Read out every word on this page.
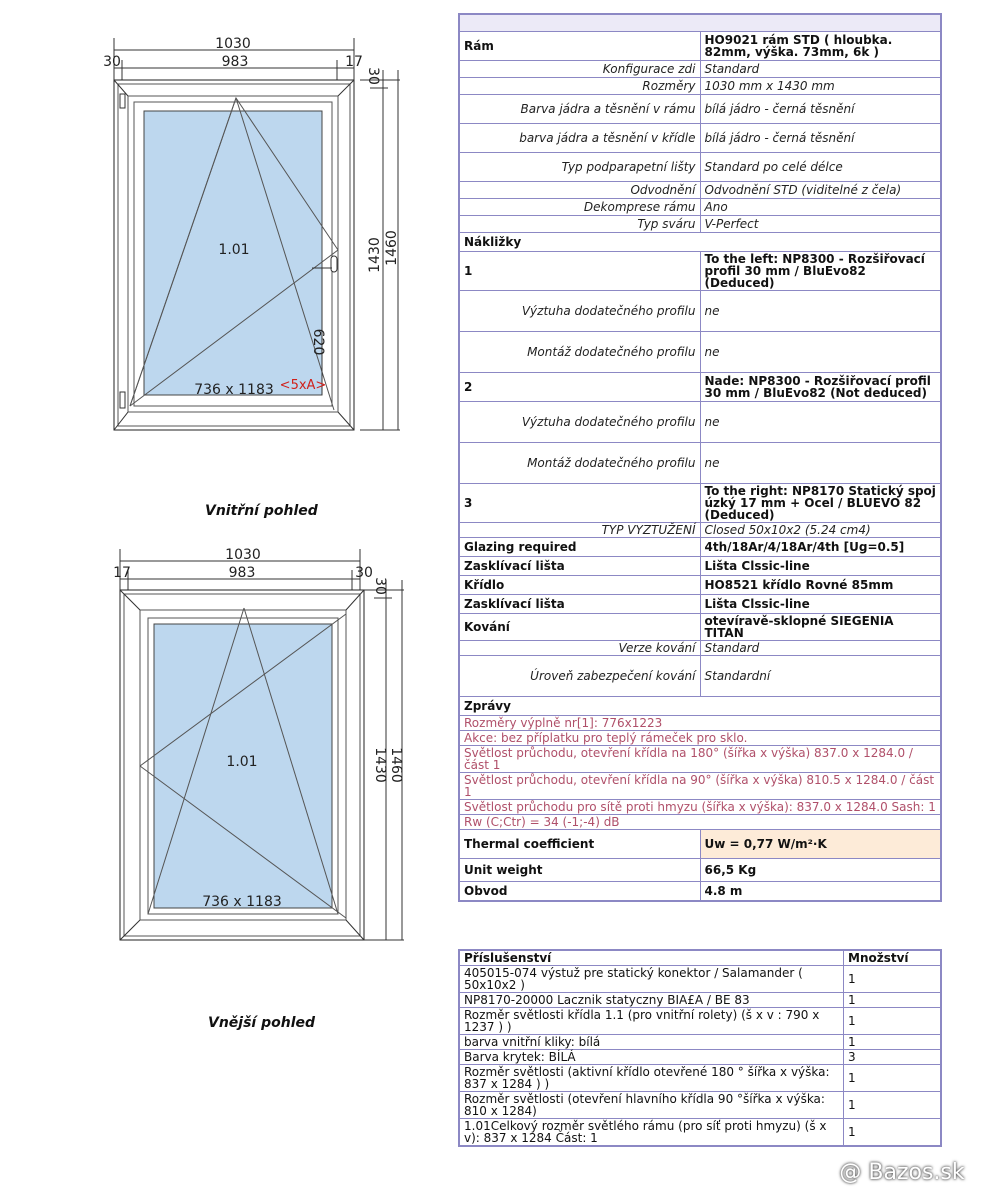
1030
30	983	17
30
1430 1460
620
1.01
736 x 1183 <5xA>
1030
17	983	30
30
1430 1460
1.01
736 x 1183
Vnitřní pohled
Vnější pohled

Rám	HO9021 rám STD ( hloubka. 82mm, výška. 73mm, 6k )
Konfigurace zdi	Standard
Rozměry	1030 mm x 1430 mm
Barva jádra a těsnění v rámu	bílá jádro - černá těsnění
barva jádra a těsnění v křídle	bílá jádro - černá těsnění
Typ podparapetní lišty	Standard po celé délce
Odvodnění	Odvodnění STD (viditelné z čela)
Dekomprese rámu	Ano
Typ sváru	V-Perfect
Nákližky	
1	To the left: NP8300 - Rozšiřovací profil 30 mm / BluEvo82 (Deduced)
Výztuha dodatečného profilu	ne
Montáž dodatečného profilu	ne
2	Nade: NP8300 - Rozšiřovací profil 30 mm / BluEvo82 (Not deduced)
Výztuha dodatečného profilu	ne
Montáž dodatečného profilu	ne
3	To the right: NP8170 Statický spoj úzký 17 mm + Ocel / BLUEVO 82 (Deduced)
TYP VYZTUŽENÍ	Closed 50x10x2 (5.24 cm4)
Glazing required	4th/18Ar/4/18Ar/4th [Ug=0.5]
Zasklívací lišta	Lišta Clssic-line
Křídlo	HO8521 křídlo Rovné 85mm
Zasklívací lišta	Lišta Clssic-line
Kování	otevíravě-sklopné SIEGENIA TITAN
Verze kování	Standard
Úroveň zabezpečení kování	Standardní
Zprávy	
Rozměry výplně nr[1]: 776x1223	
Akce: bez příplatku pro teplý rámeček pro sklo.	
Světlost průchodu, otevření křídla na 180° (šířka x výška) 837.0 x 1284.0 / část 1	
Světlost průchodu, otevření křídla na 90° (šířka x výška) 810.5 x 1284.0 / část 1	
Světlost průchodu pro sítě proti hmyzu (šířka x výška): 837.0 x 1284.0 Sash: 1	
Rw (C;Ctr) = 34 (-1;-4) dB	
Thermal coefficient	Uw = 0,77 W/m²·K
Unit weight	66,5 Kg
Obvod	4.8 m
Příslušenství	Množství
405015-074 výstuž pre statický konektor / Salamander ( 50x10x2 )	1
NP8170-20000 Lacznik statyczny BIA£A / BE 83	1
Rozměr světlosti křídla 1.1 (pro vnitřní rolety) (š x v : 790 x 1237 ) )	1
barva vnitřní kliky: bílá	1
Barva krytek: BÍLÁ	3
Rozměr světlosti (aktivní křídlo otevřené 180 ° šířka x výška: 837 x 1284 ) )	1
Rozměr světlosti (otevření hlavního křídla 90 °šířka x výška: 810 x 1284)	1
1.01Celkový rozměr světlého rámu (pro síť proti hmyzu) (š x v): 837 x 1284 Část: 1	1
@ Bazos.sk
